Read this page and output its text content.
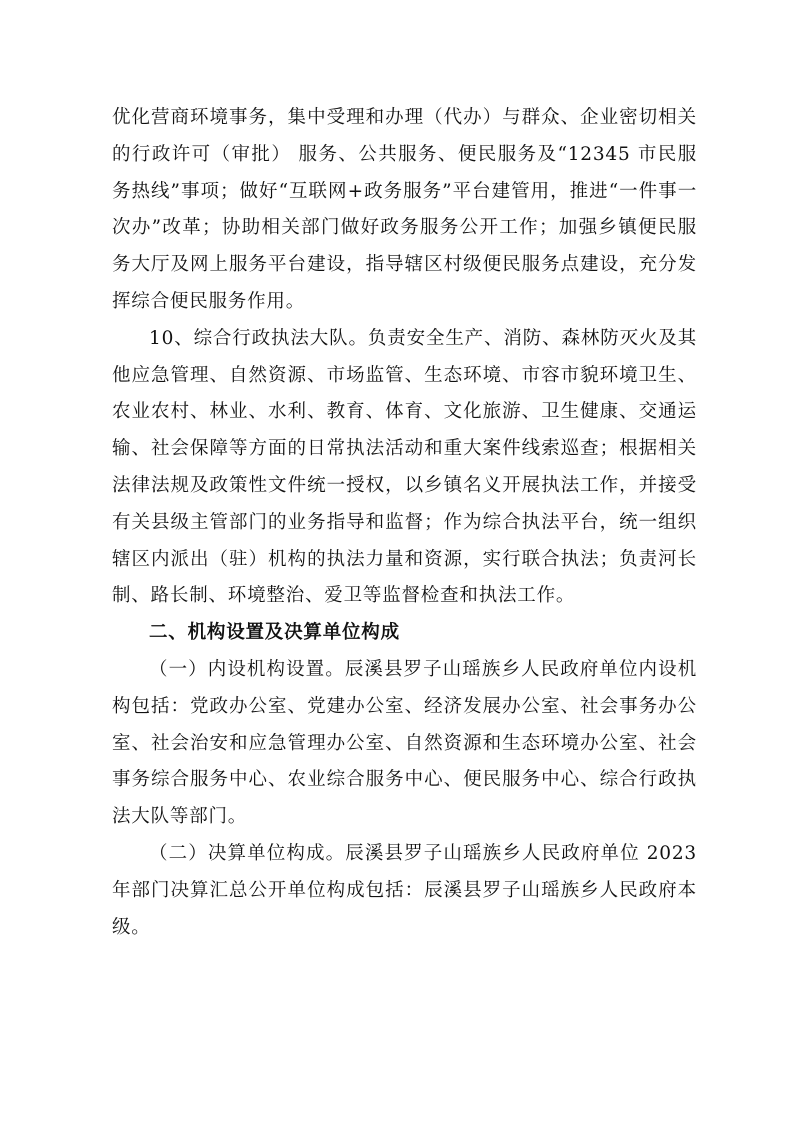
优化营商环境事务，集中受理和办理（代办）与群众、企业密切相关的行政许可（审批） 服务、公共服务、便民服务及“12345 市民服务热线”事项；做好“互联网+政务服务”平台建管用，推进“一件事一次办”改革；协助相关部门做好政务服务公开工作；加强乡镇便民服务大厅及网上服务平台建设，指导辖区村级便民服务点建设，充分发挥综合便民服务作用。

10、综合行政执法大队。负责安全生产、消防、森林防灭火及其他应急管理、自然资源、市场监管、生态环境、市容市貌环境卫生、农业农村、林业、水利、教育、体育、文化旅游、卫生健康、交通运输、社会保障等方面的日常执法活动和重大案件线索巡查；根据相关法律法规及政策性文件统一授权，以乡镇名义开展执法工作，并接受有关县级主管部门的业务指导和监督；作为综合执法平台，统一组织辖区内派出（驻）机构的执法力量和资源，实行联合执法；负责河长制、路长制、环境整治、爱卫等监督检查和执法工作。

二、机构设置及决算单位构成

（一）内设机构设置。辰溪县罗子山瑶族乡人民政府单位内设机构包括：党政办公室、党建办公室、经济发展办公室、社会事务办公室、社会治安和应急管理办公室、自然资源和生态环境办公室、社会事务综合服务中心、农业综合服务中心、便民服务中心、综合行政执法大队等部门。

（二）决算单位构成。辰溪县罗子山瑶族乡人民政府单位 2023 年部门决算汇总公开单位构成包括：辰溪县罗子山瑶族乡人民政府本级。
